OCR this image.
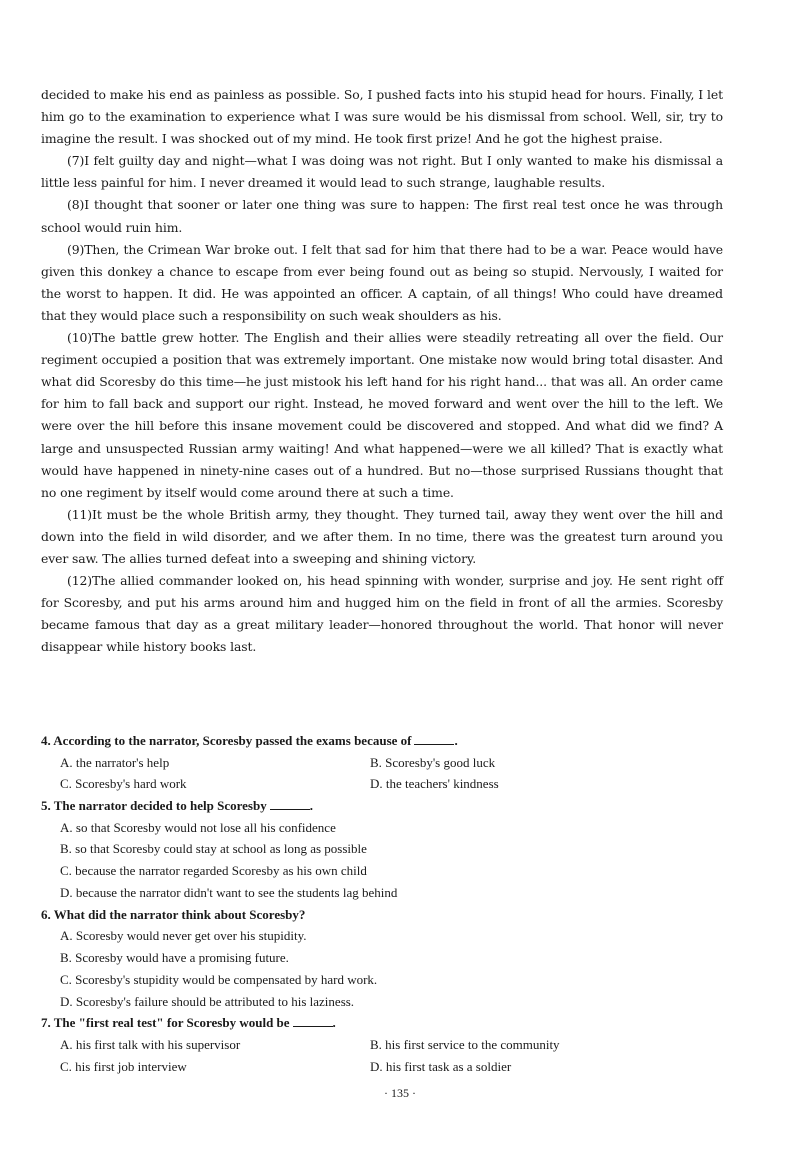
decided to make his end as painless as possible. So, I pushed facts into his stupid head for hours. Finally, I let him go to the examination to experience what I was sure would be his dismissal from school. Well, sir, try to imagine the result. I was shocked out of my mind. He took first prize! And he got the highest praise.

(7)I felt guilty day and night—what I was doing was not right. But I only wanted to make his dismissal a little less painful for him. I never dreamed it would lead to such strange, laughable results.

(8)I thought that sooner or later one thing was sure to happen: The first real test once he was through school would ruin him.

(9)Then, the Crimean War broke out. I felt that sad for him that there had to be a war. Peace would have given this donkey a chance to escape from ever being found out as being so stupid. Nervously, I waited for the worst to happen. It did. He was appointed an officer. A captain, of all things! Who could have dreamed that they would place such a responsibility on such weak shoulders as his.

(10)The battle grew hotter. The English and their allies were steadily retreating all over the field. Our regiment occupied a position that was extremely important. One mistake now would bring total disaster. And what did Scoresby do this time—he just mistook his left hand for his right hand... that was all. An order came for him to fall back and support our right. Instead, he moved forward and went over the hill to the left. We were over the hill before this insane movement could be discovered and stopped. And what did we find? A large and unsuspected Russian army waiting! And what happened—were we all killed? That is exactly what would have happened in ninety-nine cases out of a hundred. But no—those surprised Russians thought that no one regiment by itself would come around there at such a time.

(11)It must be the whole British army, they thought. They turned tail, away they went over the hill and down into the field in wild disorder, and we after them. In no time, there was the greatest turn around you ever saw. The allies turned defeat into a sweeping and shining victory.

(12)The allied commander looked on, his head spinning with wonder, surprise and joy. He sent right off for Scoresby, and put his arms around him and hugged him on the field in front of all the armies. Scoresby became famous that day as a great military leader—honored throughout the world. That honor will never disappear while history books last.

4. According to the narrator, Scoresby passed the exams because of	.
A. the narrator's help	B. Scoresby's good luck
C. Scoresby's hard work	D. the teachers' kindness
5. The narrator decided to help Scoresby	.
A. so that Scoresby would not lose all his confidence
B. so that Scoresby could stay at school as long as possible
C. because the narrator regarded Scoresby as his own child
D. because the narrator didn't want to see the students lag behind
6. What did the narrator think about Scoresby?
A. Scoresby would never get over his stupidity.
B. Scoresby would have a promising future.
C. Scoresby's stupidity would be compensated by hard work.
D. Scoresby's failure should be attributed to his laziness.
7. The "first real test" for Scoresby would be	.
A. his first talk with his supervisor	B. his first service to the community
C. his first job interview	D. his first task as a soldier
· 135 ·
